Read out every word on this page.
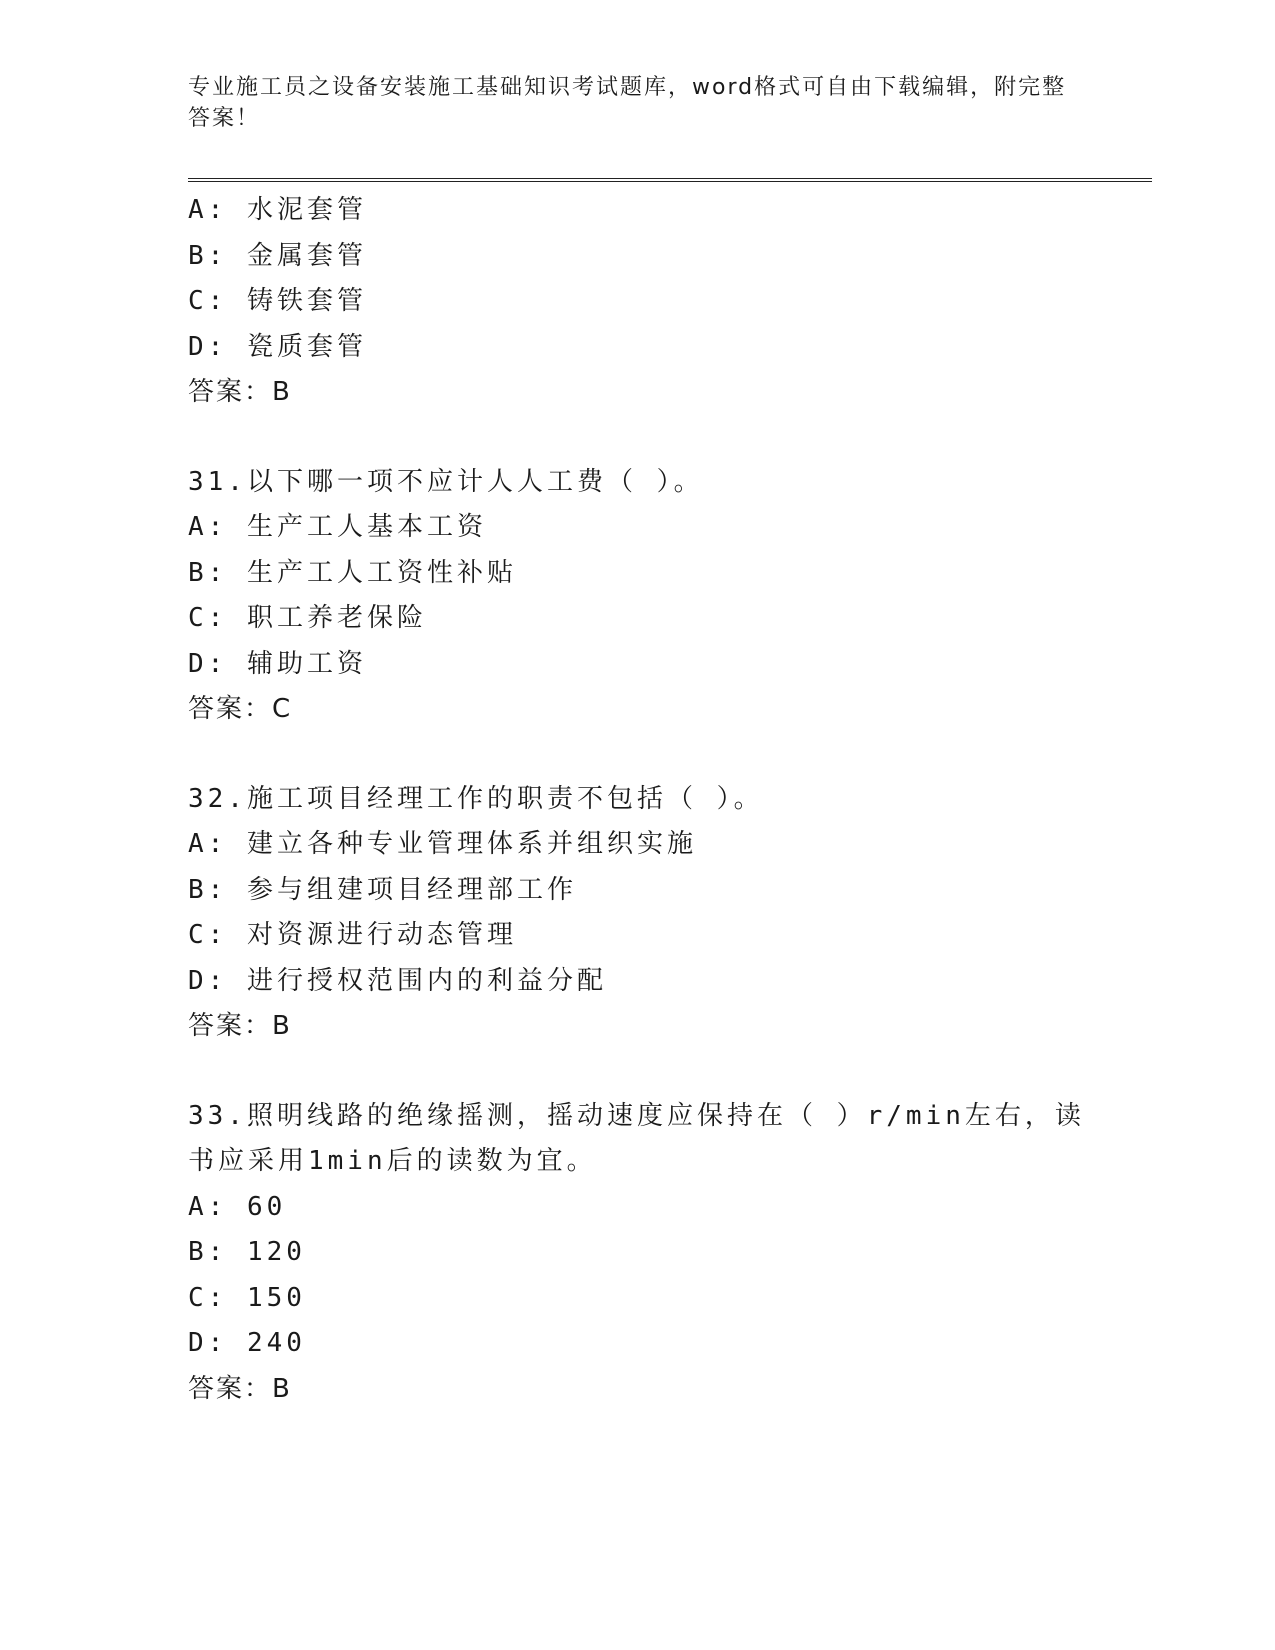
专业施工员之设备安装施工基础知识考试题库，word格式可自由下载编辑，附完整答案！
A: 水泥套管
B: 金属套管
C: 铸铁套管
D: 瓷质套管
答案：B
31.以下哪一项不应计人人工费（ ）。
A: 生产工人基本工资
B: 生产工人工资性补贴
C: 职工养老保险
D: 辅助工资
答案：C
32.施工项目经理工作的职责不包括（ ）。
A: 建立各种专业管理体系并组织实施
B: 参与组建项目经理部工作
C: 对资源进行动态管理
D: 进行授权范围内的利益分配
答案：B
33.照明线路的绝缘摇测，摇动速度应保持在（ ）r/min左右，读书应采用1min后的读数为宜。
A: 60
B: 120
C: 150
D: 240
答案：B
